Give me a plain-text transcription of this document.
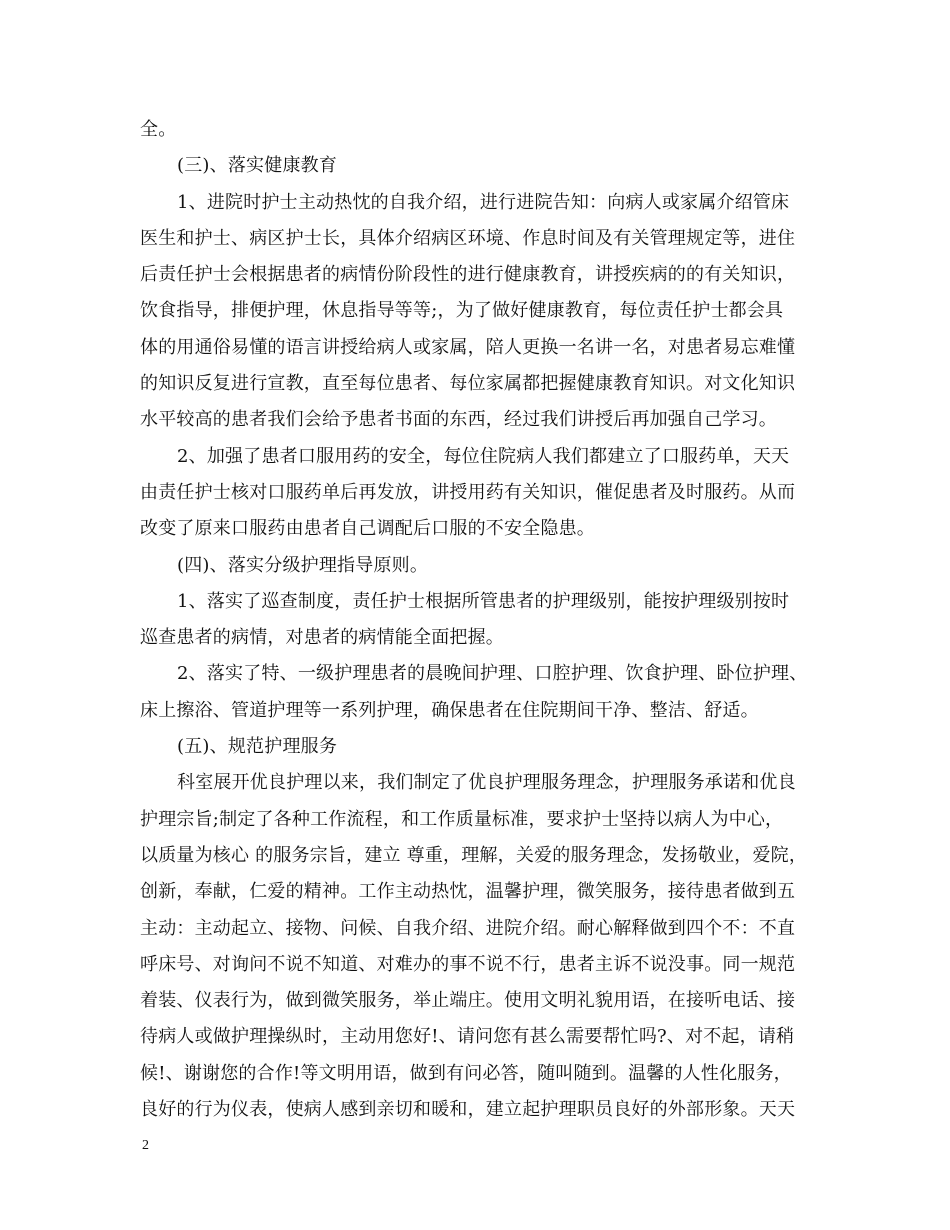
全。
(三)、落实健康教育
1、进院时护士主动热忱的自我介绍，进行进院告知：向病人或家属介绍管床
医生和护士、病区护士长，具体介绍病区环境、作息时间及有关管理规定等，进住
后责任护士会根据患者的病情份阶段性的进行健康教育，讲授疾病的的有关知识，
饮食指导，排便护理，休息指导等等;，为了做好健康教育，每位责任护士都会具
体的用通俗易懂的语言讲授给病人或家属，陪人更换一名讲一名，对患者易忘难懂
的知识反复进行宣教，直至每位患者、每位家属都把握健康教育知识。对文化知识
水平较高的患者我们会给予患者书面的东西，经过我们讲授后再加强自己学习。
2、加强了患者口服用药的安全，每位住院病人我们都建立了口服药单，天天
由责任护士核对口服药单后再发放，讲授用药有关知识，催促患者及时服药。从而
改变了原来口服药由患者自己调配后口服的不安全隐患。
(四)、落实分级护理指导原则。
1、落实了巡查制度，责任护士根据所管患者的护理级别，能按护理级别按时
巡查患者的病情，对患者的病情能全面把握。
2、落实了特、一级护理患者的晨晚间护理、口腔护理、饮食护理、卧位护理、
床上擦浴、管道护理等一系列护理，确保患者在住院期间干净、整洁、舒适。
(五)、规范护理服务
科室展开优良护理以来，我们制定了优良护理服务理念，护理服务承诺和优良
护理宗旨;制定了各种工作流程，和工作质量标准，要求护士坚持以病人为中心，
以质量为核心 的服务宗旨，建立 尊重，理解，关爱的服务理念，发扬敬业，爱院，
创新，奉献，仁爱的精神。工作主动热忱，温馨护理，微笑服务，接待患者做到五
主动：主动起立、接物、问候、自我介绍、进院介绍。耐心解释做到四个不：不直
呼床号、对询问不说不知道、对难办的事不说不行，患者主诉不说没事。同一规范
着装、仪表行为，做到微笑服务，举止端庄。使用文明礼貌用语，在接听电话、接
待病人或做护理操纵时，主动用您好!、请问您有甚么需要帮忙吗?、对不起，请稍
候!、谢谢您的合作!等文明用语，做到有问必答，随叫随到。温馨的人性化服务，
良好的行为仪表，使病人感到亲切和暖和，建立起护理职员良好的外部形象。天天
2
